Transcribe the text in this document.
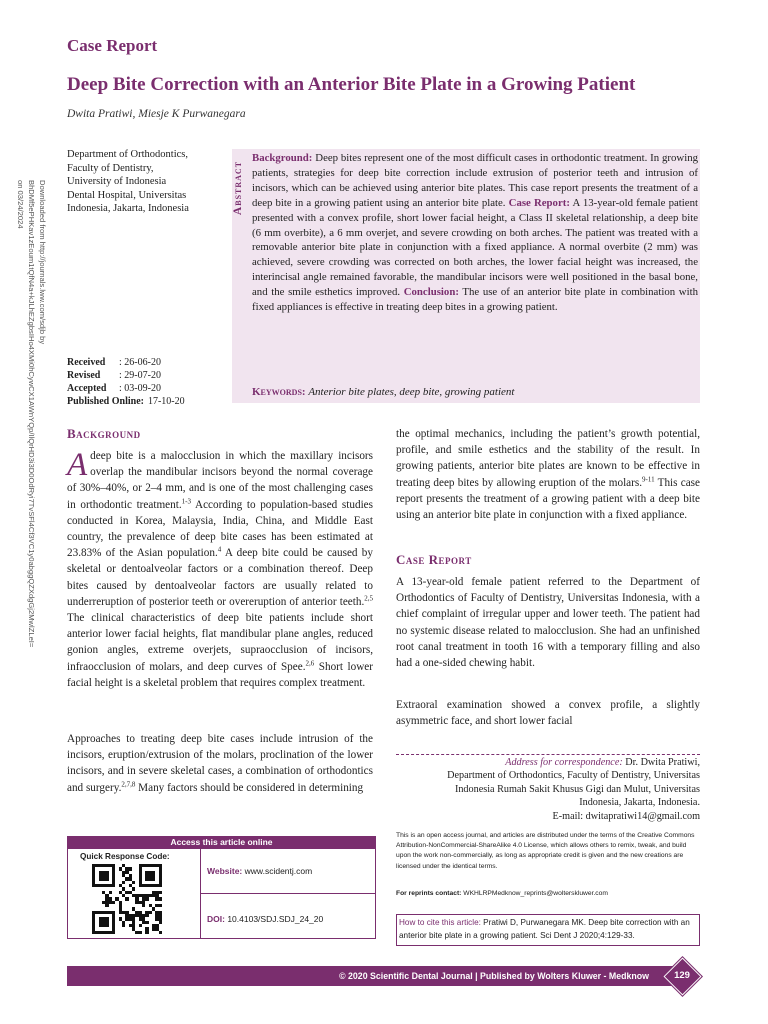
Case Report
Deep Bite Correction with an Anterior Bite Plate in a Growing Patient
Dwita Pratiwi, Miesje K Purwanegara
Department of Orthodontics,
Faculty of Dentistry,
University of Indonesia
Dental Hospital, Universitas
Indonesia, Jakarta, Indonesia
Downloaded from http://journals.lww.com/sdjb by BhDMf5ePHKav1zEoum1tQfN4a+kJLhEZgbsIHo4XMi0hCywCX1AWnYQp/IlQrHD3i3D0OdRyi7TvSFl4Cf3VC1y0abggQZXdgGj2MwlZLeI= on 03/24/2024
Received : 26-06-20
Revised : 29-07-20
Accepted : 03-09-20
Published Online: 17-10-20
Abstract
Background: Deep bites represent one of the most difficult cases in orthodontic treatment. In growing patients, strategies for deep bite correction include extrusion of posterior teeth and intrusion of incisors, which can be achieved using anterior bite plates. This case report presents the treatment of a deep bite in a growing patient using an anterior bite plate. Case Report: A 13-year-old female patient presented with a convex profile, short lower facial height, a Class II skeletal relationship, a deep bite (6 mm overbite), a 6 mm overjet, and severe crowding on both arches. The patient was treated with a removable anterior bite plate in conjunction with a fixed appliance. A normal overbite (2 mm) was achieved, severe crowding was corrected on both arches, the lower facial height was increased, the interincisal angle remained favorable, the mandibular incisors were well positioned in the basal bone, and the smile esthetics improved. Conclusion: The use of an anterior bite plate in combination with fixed appliances is effective in treating deep bites in a growing patient.
Keywords: Anterior bite plates, deep bite, growing patient
Background
Adeep bite is a malocclusion in which the maxillary incisors overlap the mandibular incisors beyond the normal coverage of 30%–40%, or 2–4 mm, and is one of the most challenging cases in orthodontic treatment.$^{1-3}$ According to population-based studies conducted in Korea, Malaysia, India, China, and Middle East country, the prevalence of deep bite cases has been estimated at 23.83% of the Asian population.$^4$ A deep bite could be caused by skeletal or dentoalveolar factors or a combination thereof. Deep bites caused by dentoalveolar factors are usually related to underreruption of posterior teeth or overeruption of anterior teeth.$^{2,5}$ The clinical characteristics of deep bite patients include short anterior lower facial heights, flat mandibular plane angles, reduced gonion angles, extreme overjets, supraocclusion of incisors, infraocclusion of molars, and deep curves of Spee.$^{2,6}$ Short lower facial height is a skeletal problem that requires complex treatment.
Approaches to treating deep bite cases include intrusion of the incisors, eruption/extrusion of the molars, proclination of the lower incisors, and in severe skeletal cases, a combination of orthodontics and surgery.$^{2,7,8}$ Many factors should be considered in determining
the optimal mechanics, including the patient’s growth potential, profile, and smile esthetics and the stability of the result. In growing patients, anterior bite plates are known to be effective in treating deep bites by allowing eruption of the molars.$^{9-11}$ This case report presents the treatment of a growing patient with a deep bite using an anterior bite plate in conjunction with a fixed appliance.
Case Report
A 13-year-old female patient referred to the Department of Orthodontics of Faculty of Dentistry, Universitas Indonesia, with a chief complaint of irregular upper and lower teeth. The patient had no systemic disease related to malocclusion. She had an unfinished root canal treatment in tooth 16 with a temporary filling and also had a one-sided chewing habit.
Extraoral examination showed a convex profile, a slightly asymmetric face, and short lower facial
Address for correspondence: Dr. Dwita Pratiwi,
Department of Orthodontics, Faculty of Dentistry, Universitas
Indonesia Rumah Sakit Khusus Gigi dan Mulut, Universitas
Indonesia, Jakarta, Indonesia.
E-mail: dwitapratiwi14@gmail.com
Access this article online
Quick Response Code:
Website: www.scidentj.com
DOI: 10.4103/SDJ.SDJ_24_20
This is an open access journal, and articles are distributed under the terms of the Creative Commons Attribution-NonCommercial-ShareAlike 4.0 License, which allows others to remix, tweak, and build upon the work non-commercially, as long as appropriate credit is given and the new creations are licensed under the identical terms.
For reprints contact: WKHLRPMedknow_reprints@wolterskluwer.com
How to cite this article: Pratiwi D, Purwanegara MK. Deep bite correction with an anterior bite plate in a growing patient. Sci Dent J 2020;4:129-33.
© 2020 Scientific Dental Journal | Published by Wolters Kluwer - Medknow	129
